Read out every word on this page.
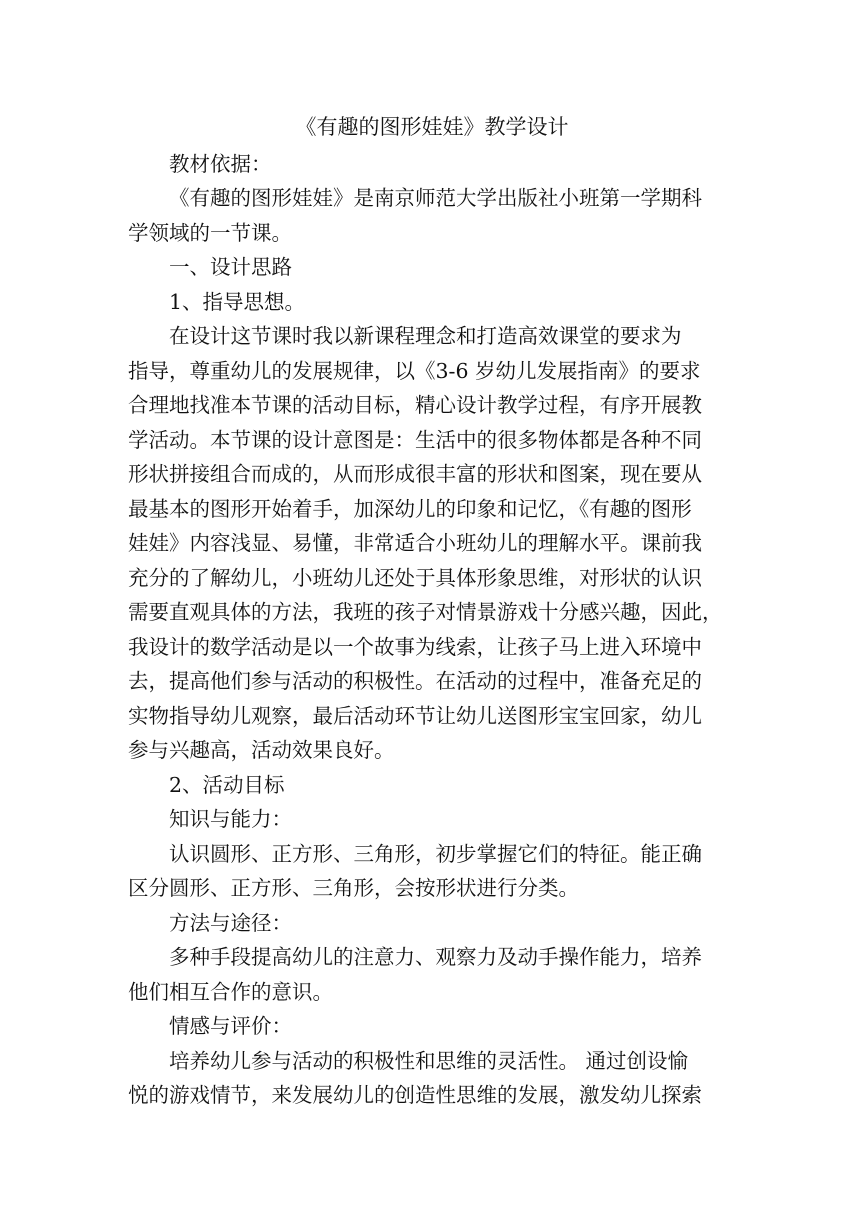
《有趣的图形娃娃》教学设计
教材依据：
《有趣的图形娃娃》是南京师范大学出版社小班第一学期科
学领域的一节课。
一、设计思路
1、指导思想。
在设计这节课时我以新课程理念和打造高效课堂的要求为
指导，尊重幼儿的发展规律，以《3-6 岁幼儿发展指南》的要求
合理地找准本节课的活动目标，精心设计教学过程，有序开展教
学活动。本节课的设计意图是：生活中的很多物体都是各种不同
形状拼接组合而成的，从而形成很丰富的形状和图案，现在要从
最基本的图形开始着手，加深幼儿的印象和记忆，《有趣的图形
娃娃》内容浅显、易懂，非常适合小班幼儿的理解水平。课前我
充分的了解幼儿，小班幼儿还处于具体形象思维，对形状的认识
需要直观具体的方法，我班的孩子对情景游戏十分感兴趣，因此，
我设计的数学活动是以一个故事为线索，让孩子马上进入环境中
去，提高他们参与活动的积极性。在活动的过程中，准备充足的
实物指导幼儿观察，最后活动环节让幼儿送图形宝宝回家，幼儿
参与兴趣高，活动效果良好。
2、活动目标
知识与能力：
认识圆形、正方形、三角形，初步掌握它们的特征。能正确
区分圆形、正方形、三角形，会按形状进行分类。
方法与途径：
多种手段提高幼儿的注意力、观察力及动手操作能力，培养
他们相互合作的意识。
情感与评价：
培养幼儿参与活动的积极性和思维的灵活性。 通过创设愉
悦的游戏情节，来发展幼儿的创造性思维的发展，激发幼儿探索
